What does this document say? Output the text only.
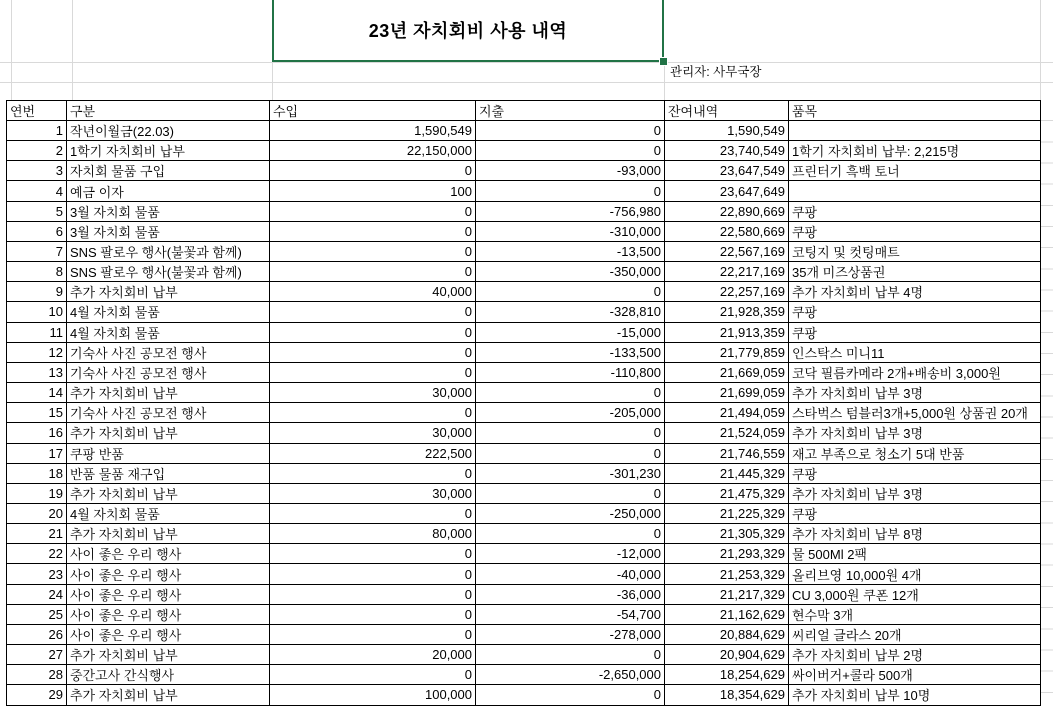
23년 자치회비 사용 내역
관리자: 사무국장
연번	구분	수입	지출	잔여내역	품목
1	작년이월금(22.03)	1,590,549	0	1,590,549	
2	1학기 자치회비 납부	22,150,000	0	23,740,549	1학기 자치회비 납부: 2,215명
3	자치회 물품 구입	0	-93,000	23,647,549	프린터기 흑백 토너
4	예금 이자	100	0	23,647,649	
5	3월 자치회 물품	0	-756,980	22,890,669	쿠팡
6	3월 자치회 물품	0	-310,000	22,580,669	쿠팡
7	SNS 팔로우 행사(불꽃과 함께)	0	-13,500	22,567,169	코팅지 및 컷팅매트
8	SNS 팔로우 행사(불꽃과 함께)	0	-350,000	22,217,169	35개 미즈상품권
9	추가 자치회비 납부	40,000	0	22,257,169	추가 자치회비 납부 4명
10	4월 자치회 물품	0	-328,810	21,928,359	쿠팡
11	4월 자치회 물품	0	-15,000	21,913,359	쿠팡
12	기숙사 사진 공모전 행사	0	-133,500	21,779,859	인스탁스 미니11
13	기숙사 사진 공모전 행사	0	-110,800	21,669,059	코닥 필름카메라 2개+배송비 3,000원
14	추가 자치회비 납부	30,000	0	21,699,059	추가 자치회비 납부 3명
15	기숙사 사진 공모전 행사	0	-205,000	21,494,059	스타벅스 텀블러3개+5,000원 상품권 20개
16	추가 자치회비 납부	30,000	0	21,524,059	추가 자치회비 납부 3명
17	쿠팡 반품	222,500	0	21,746,559	재고 부족으로 청소기 5대 반품
18	반품 물품 재구입	0	-301,230	21,445,329	쿠팡
19	추가 자치회비 납부	30,000	0	21,475,329	추가 자치회비 납부 3명
20	4월 자치회 물품	0	-250,000	21,225,329	쿠팡
21	추가 자치회비 납부	80,000	0	21,305,329	추가 자치회비 납부 8명
22	사이 좋은 우리 행사	0	-12,000	21,293,329	물 500Ml 2팩
23	사이 좋은 우리 행사	0	-40,000	21,253,329	올리브영 10,000원 4개
24	사이 좋은 우리 행사	0	-36,000	21,217,329	CU 3,000원 쿠폰 12개
25	사이 좋은 우리 행사	0	-54,700	21,162,629	현수막 3개
26	사이 좋은 우리 행사	0	-278,000	20,884,629	씨리얼 글라스 20개
27	추가 자치회비 납부	20,000	0	20,904,629	추가 자치회비 납부 2명
28	중간고사 간식행사	0	-2,650,000	18,254,629	싸이버거+콜라 500개
29	추가 자치회비 납부	100,000	0	18,354,629	추가 자치회비 납부 10명
